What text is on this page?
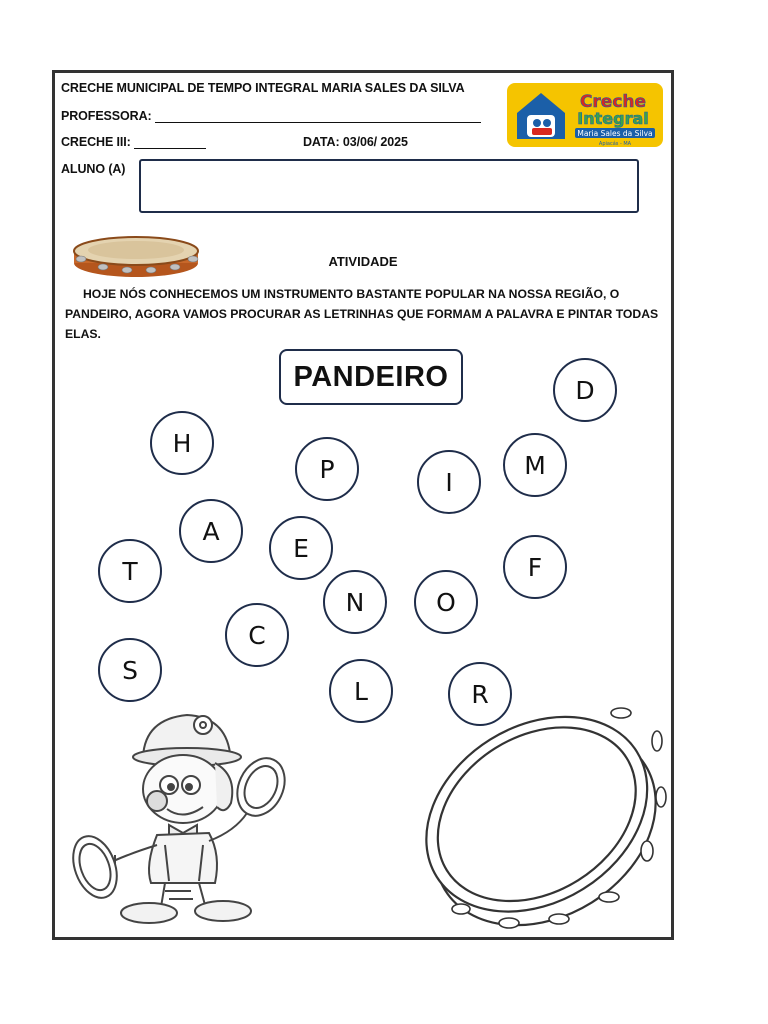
CRECHE MUNICIPAL DE TEMPO INTEGRAL MARIA SALES DA SILVA
PROFESSORA:
CRECHE III:	DATA: 03/06/ 2025
ALUNO (A)
Creche
Integral
Maria Sales da Silva
Apiacás - MA
ATIVIDADE
HOJE NÓS CONHECEMOS UM INSTRUMENTO BASTANTE POPULAR NA NOSSA REGIÃO, O PANDEIRO, AGORA VAMOS PROCURAR AS LETRINHAS QUE FORMAM A PALAVRA E PINTAR TODAS ELAS.
PANDEIRO	D
H
P	I
M
A
E
T	F
N	O
C
S
L	R
